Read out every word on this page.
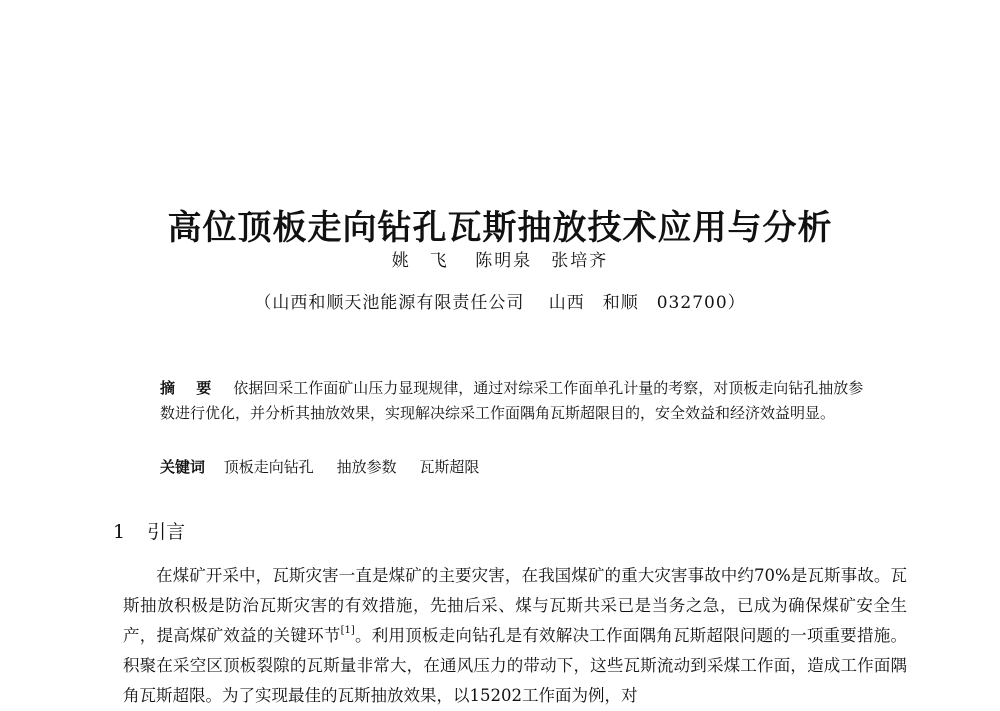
高位顶板走向钻孔瓦斯抽放技术应用与分析
姚　飞　 陈明泉　张培齐
（山西和顺天池能源有限责任公司　 山西　和顺　032700）
摘 要 依据回采工作面矿山压力显现规律，通过对综采工作面单孔计量的考察，对顶板走向钻孔抽放参数进行优化，并分析其抽放效果，实现解决综采工作面隅角瓦斯超限目的，安全效益和经济效益明显。
关键词 顶板走向钻孔 抽放参数 瓦斯超限
1 引言

在煤矿开采中，瓦斯灾害一直是煤矿的主要灾害，在我国煤矿的重大灾害事故中约70%是瓦斯事故。瓦斯抽放积极是防治瓦斯灾害的有效措施，先抽后采、煤与瓦斯共采已是当务之急，已成为确保煤矿安全生产，提高煤矿效益的关键环节[1]。利用顶板走向钻孔是有效解决工作面隅角瓦斯超限问题的一项重要措施。积聚在采空区顶板裂隙的瓦斯量非常大，在通风压力的带动下，这些瓦斯流动到采煤工作面，造成工作面隅角瓦斯超限。为了实现最佳的瓦斯抽放效果，以15202工作面为例，对
